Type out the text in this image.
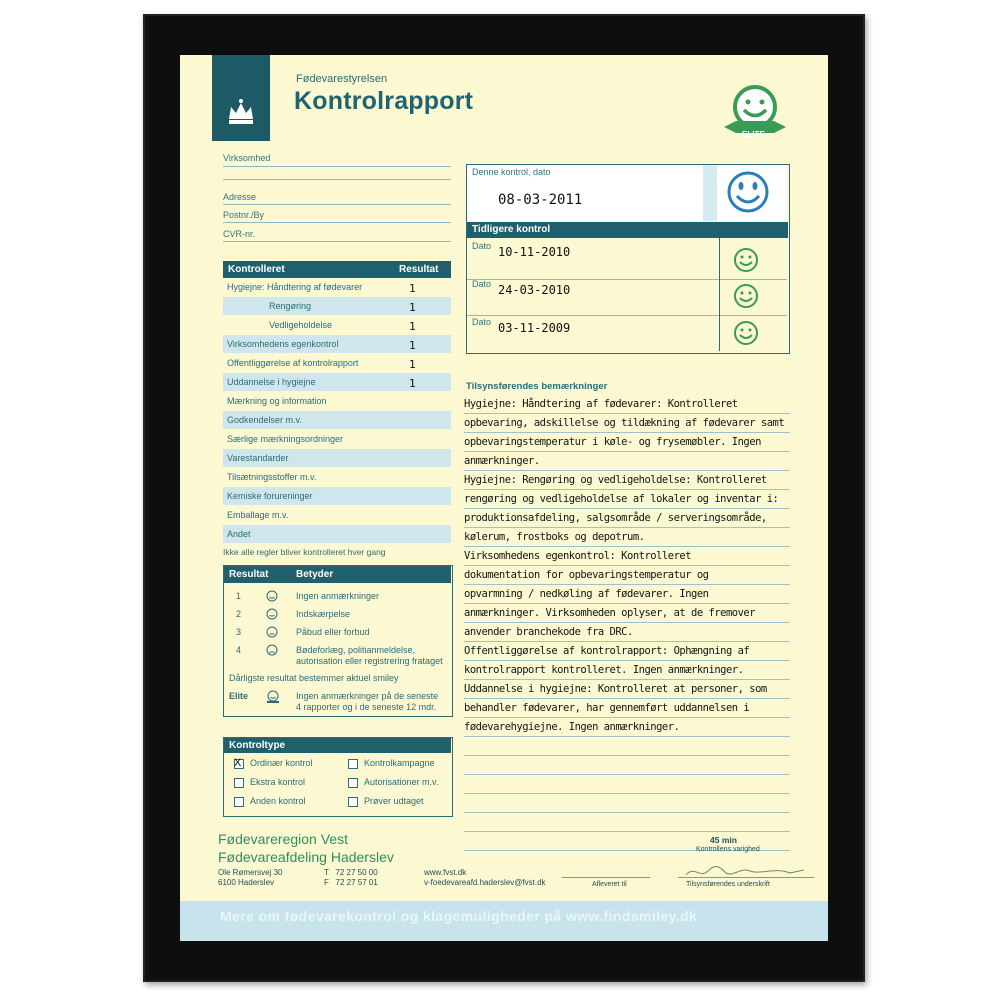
Fødevarestyrelsen
Kontrolrapport
ELITE
Virksomhed
Adresse
Postnr./By
CVR-nr.
Kontrolleret	Resultat
Hygiejne: Håndtering af fødevarer	1
Rengøring	1
Vedligeholdelse	1
Virksomhedens egenkontrol	1
Offentliggørelse af kontrolrapport	1
Uddannelse i hygiejne	1
Mærkning og information
Godkendelser m.v.
Særlige mærkningsordninger
Varestandarder
Tilsætningsstoffer m.v.
Kemiske forureninger
Emballage m.v.
Andet
Ikke alle regler bliver kontrolleret hver gang
Resultat	Betyder
1	Ingen anmærkninger
2	Indskærpelse
3	Påbud eller forbud
4	Bødeforlæg, politianmeldelse,
autorisation eller registrering frataget
Dårligste resultat bestemmer aktuel smiley
Elite	Ingen anmærkninger på de seneste
4 rapporter og i de seneste 12 mdr.
Kontroltype
X Ordinær kontrol	Kontrolkampagne
Ekstra kontrol	Autorisationer m.v.
Anden kontrol	Prøver udtaget
Denne kontrol, dato
08-03-2011
Tidligere kontrol
Dato 10-11-2010
Dato 24-03-2010
Dato 03-11-2009
Tilsynsførendes bemærkninger
Hygiejne: Håndtering af fødevarer: Kontrolleret
opbevaring, adskillelse og tildækning af fødevarer samt
opbevaringstemperatur i køle- og frysemøbler. Ingen
anmærkninger.
Hygiejne: Rengøring og vedligeholdelse: Kontrolleret
rengøring og vedligeholdelse af lokaler og inventar i:
produktionsafdeling, salgsområde / serveringsområde,
kølerum, frostboks og depotrum.
Virksomhedens egenkontrol: Kontrolleret
dokumentation for opbevaringstemperatur og
opvarmning / nedkøling af fødevarer. Ingen
anmærkninger. Virksomheden oplyser, at de fremover
anvender branchekode fra DRC.
Offentliggørelse af kontrolrapport: Ophængning af
kontrolrapport kontrolleret. Ingen anmærkninger.
Uddannelse i hygiejne: Kontrolleret at personer, som
behandler fødevarer, har gennemført uddannelsen i
fødevarehygiejne. Ingen anmærkninger.
Fødevareregion Vest
Fødevareafdeling Haderslev
Ole Rømersvej 30
6100 Haderslev
T   72 27 50 00
F   72 27 57 01
www.fvst.dk
v-foedevareafd.haderslev@fvst.dk	Afleveret til
45 min
Kontrollens varighed
Tilsynsførendes underskrift
Mere om fødevarekontrol og klagemuligheder på www.findsmiley.dk
